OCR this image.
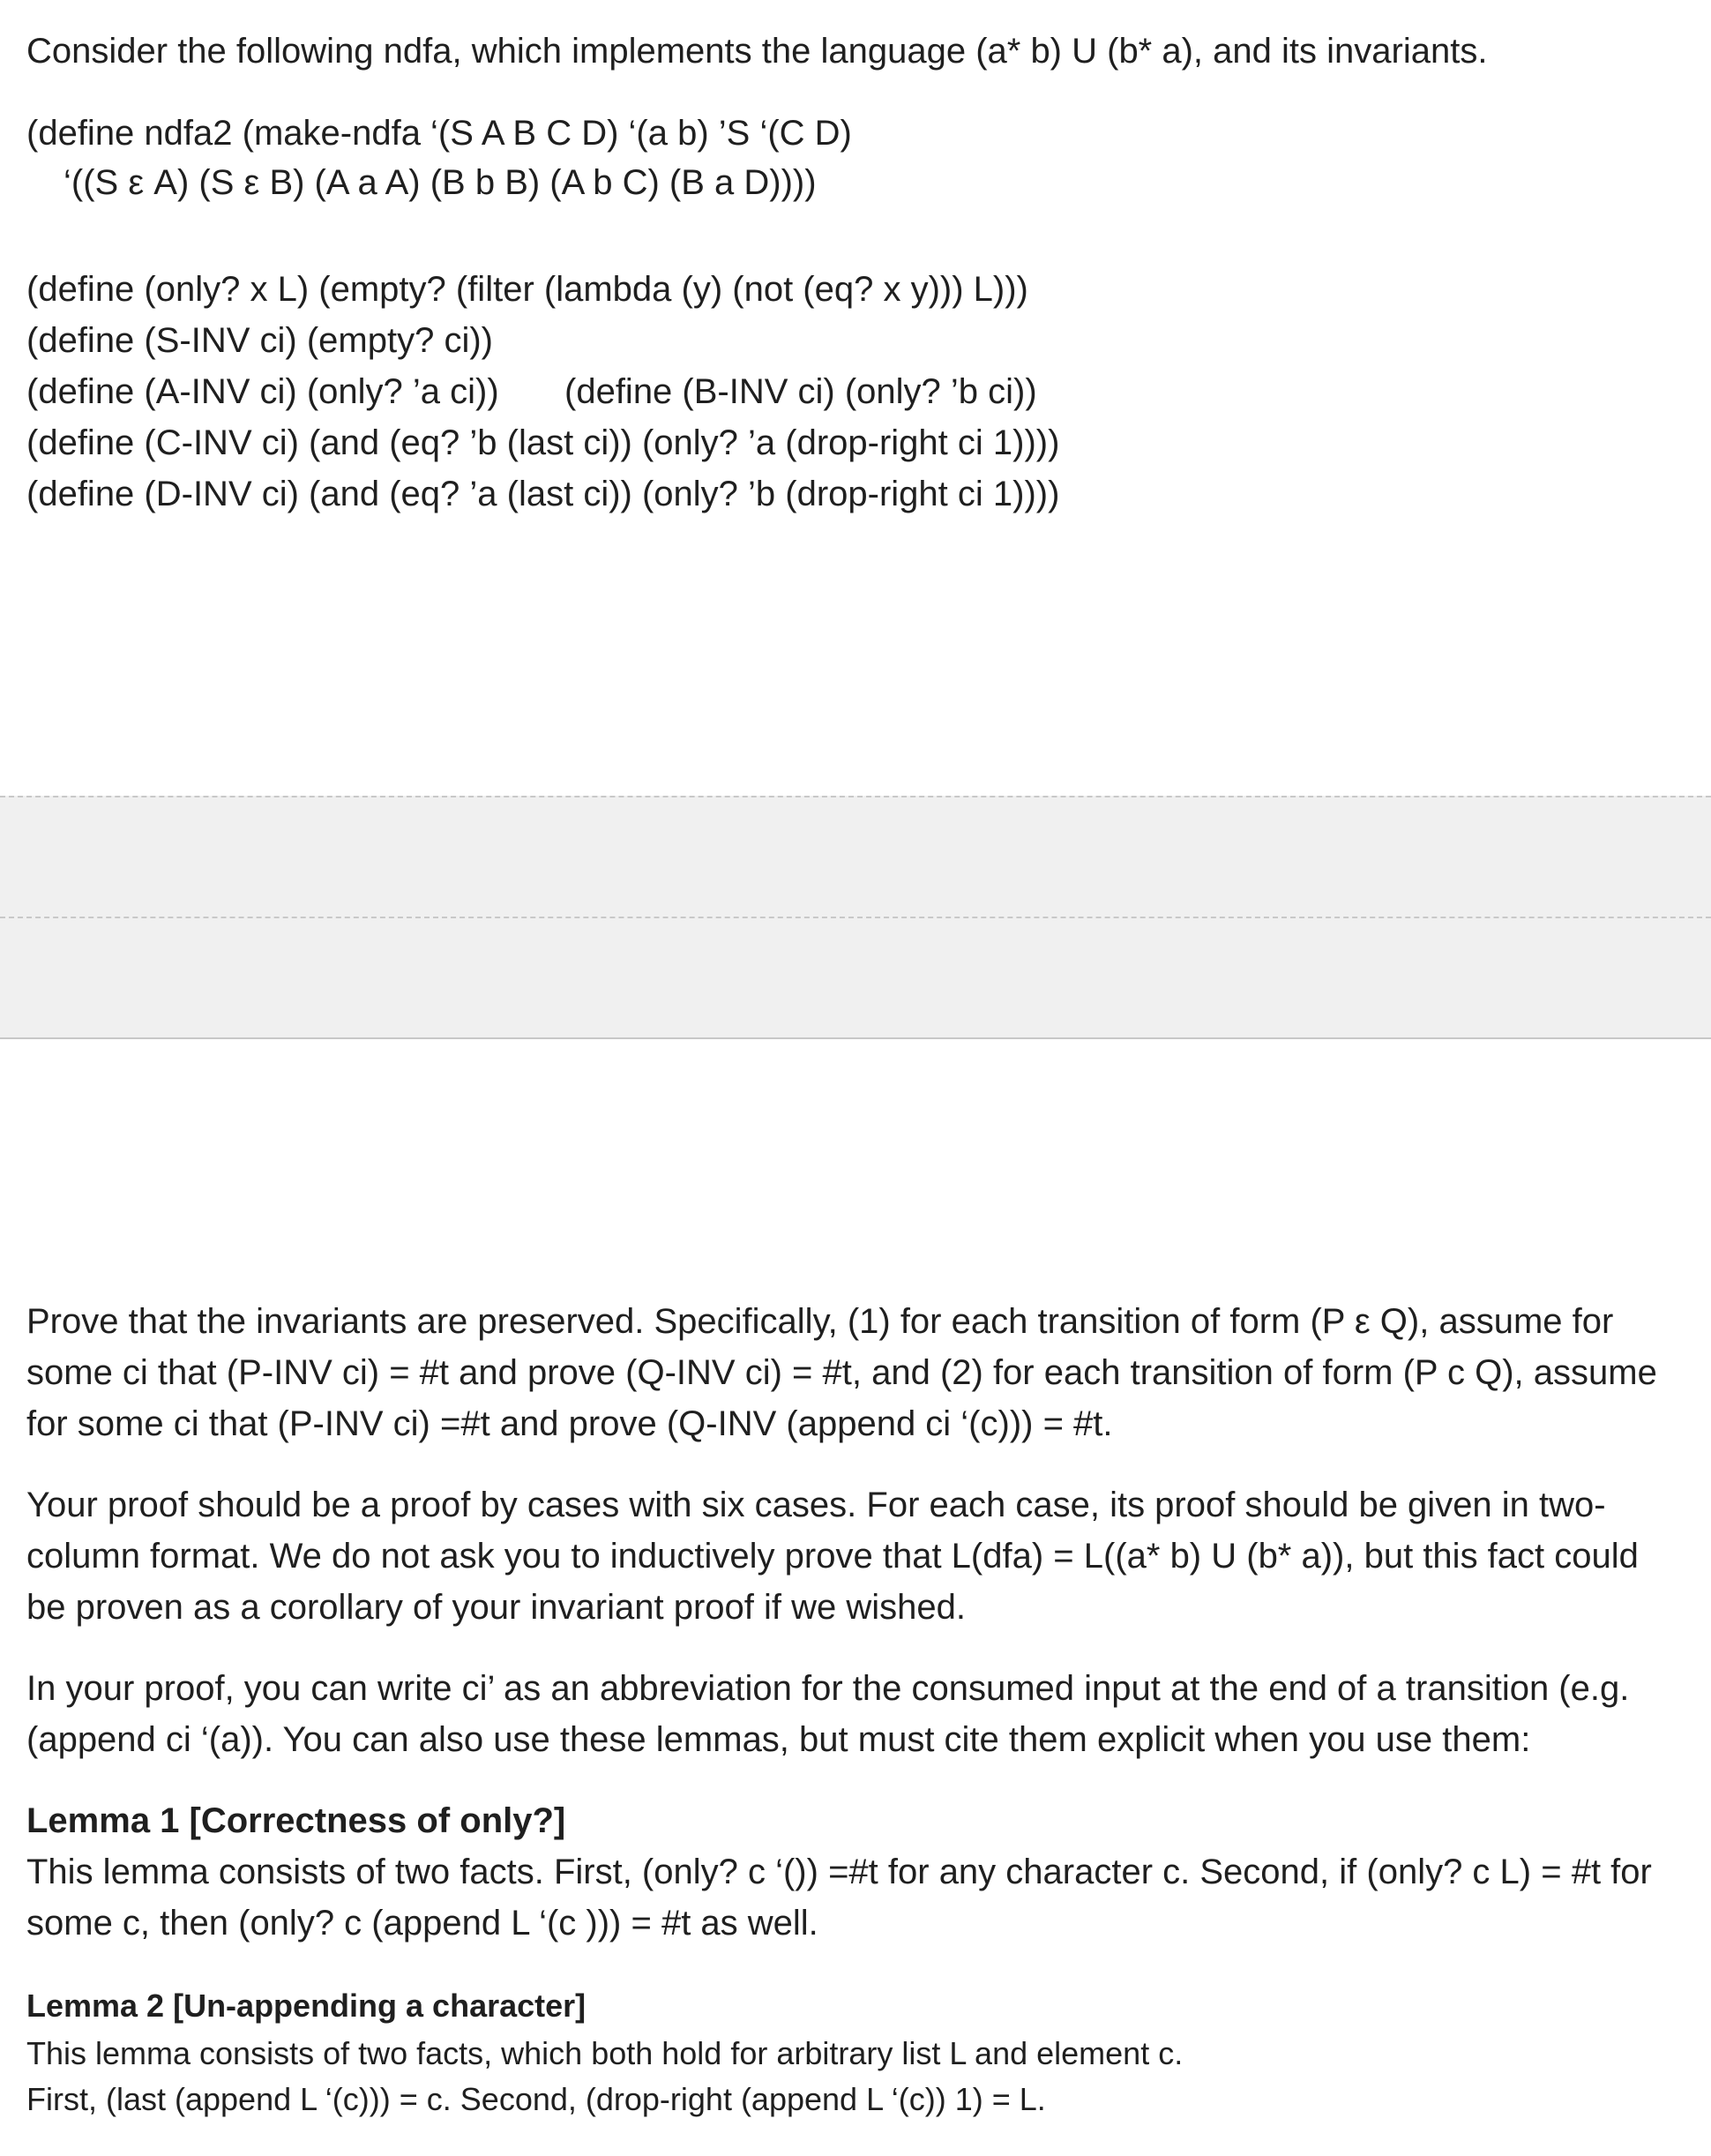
Consider the following ndfa, which implements the language (a* b) U (b* a), and its invariants.
(define ndfa2 (make-ndfa ‘(S A B C D) ‘(a b) ’S ‘(C D)
‘((S ε A) (S ε B) (A a A) (B b B) (A b C) (B a D))))
(define (only? x L) (empty? (filter (lambda (y) (not (eq? x y))) L)))
(define (S-INV ci) (empty? ci))
(define (A-INV ci) (only? ’a ci)) (define (B-INV ci) (only? ’b ci))
(define (C-INV ci) (and (eq? ’b (last ci)) (only? ’a (drop-right ci 1))))
(define (D-INV ci) (and (eq? ’a (last ci)) (only? ’b (drop-right ci 1))))
Prove that the invariants are preserved. Specifically, (1) for each transition of form (P ε Q), assume for
some ci that (P-INV ci) = #t and prove (Q-INV ci) = #t, and (2) for each transition of form (P c Q), assume
for some ci that (P-INV ci) =#t and prove (Q-INV (append ci ‘(c))) = #t.
Your proof should be a proof by cases with six cases. For each case, its proof should be given in two-
column format. We do not ask you to inductively prove that L(dfa) = L((a* b) U (b* a)), but this fact could
be proven as a corollary of your invariant proof if we wished.
In your proof, you can write ci’ as an abbreviation for the consumed input at the end of a transition (e.g.
(append ci ‘(a)). You can also use these lemmas, but must cite them explicit when you use them:
Lemma 1 [Correctness of only?]
This lemma consists of two facts. First, (only? c ‘()) =#t for any character c. Second, if (only? c L) = #t for
some c, then (only? c (append L ‘(c ))) = #t as well.
Lemma 2 [Un-appending a character]
This lemma consists of two facts, which both hold for arbitrary list L and element c.
First, (last (append L ‘(c))) = c. Second, (drop-right (append L ‘(c)) 1) = L.
